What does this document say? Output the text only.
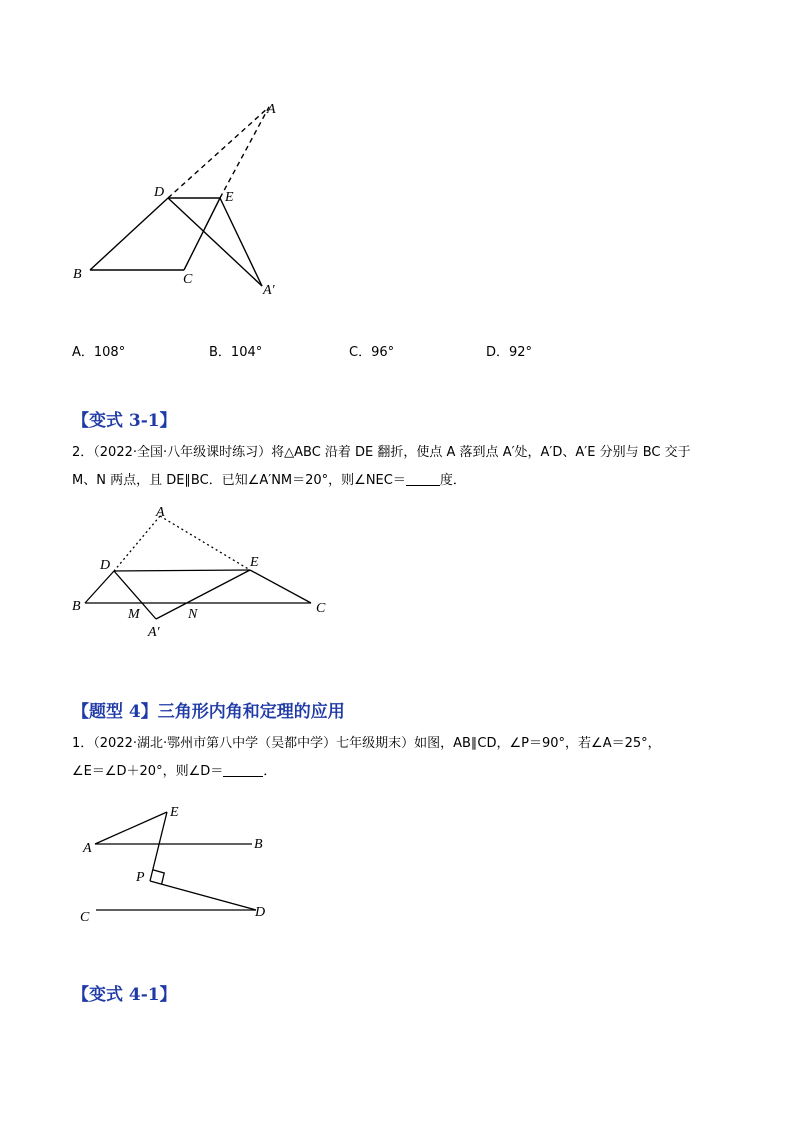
A
D	E
B	C
A′
A．108°	B．104°	C．96°	D．92°
【变式 3-1】
2．（2022·全国·八年级课时练习）将△ABC 沿着 DE 翻折，使点 A 落到点 A′处，A′D、A′E 分别与 BC 交于
M、N 两点，且 DE∥BC．已知∠A′NM＝20°，则∠NEC＝	度．
A
D	E
B
M	N	C
A′
【题型 4】三角形内角和定理的应用
1．（2022·湖北·鄂州市第八中学（吴都中学）七年级期末）如图，AB∥CD，∠P＝90°，若∠A＝25°，
∠E＝∠D＋20°，则∠D＝	．
E
A	B
P
C	D
【变式 4-1】
